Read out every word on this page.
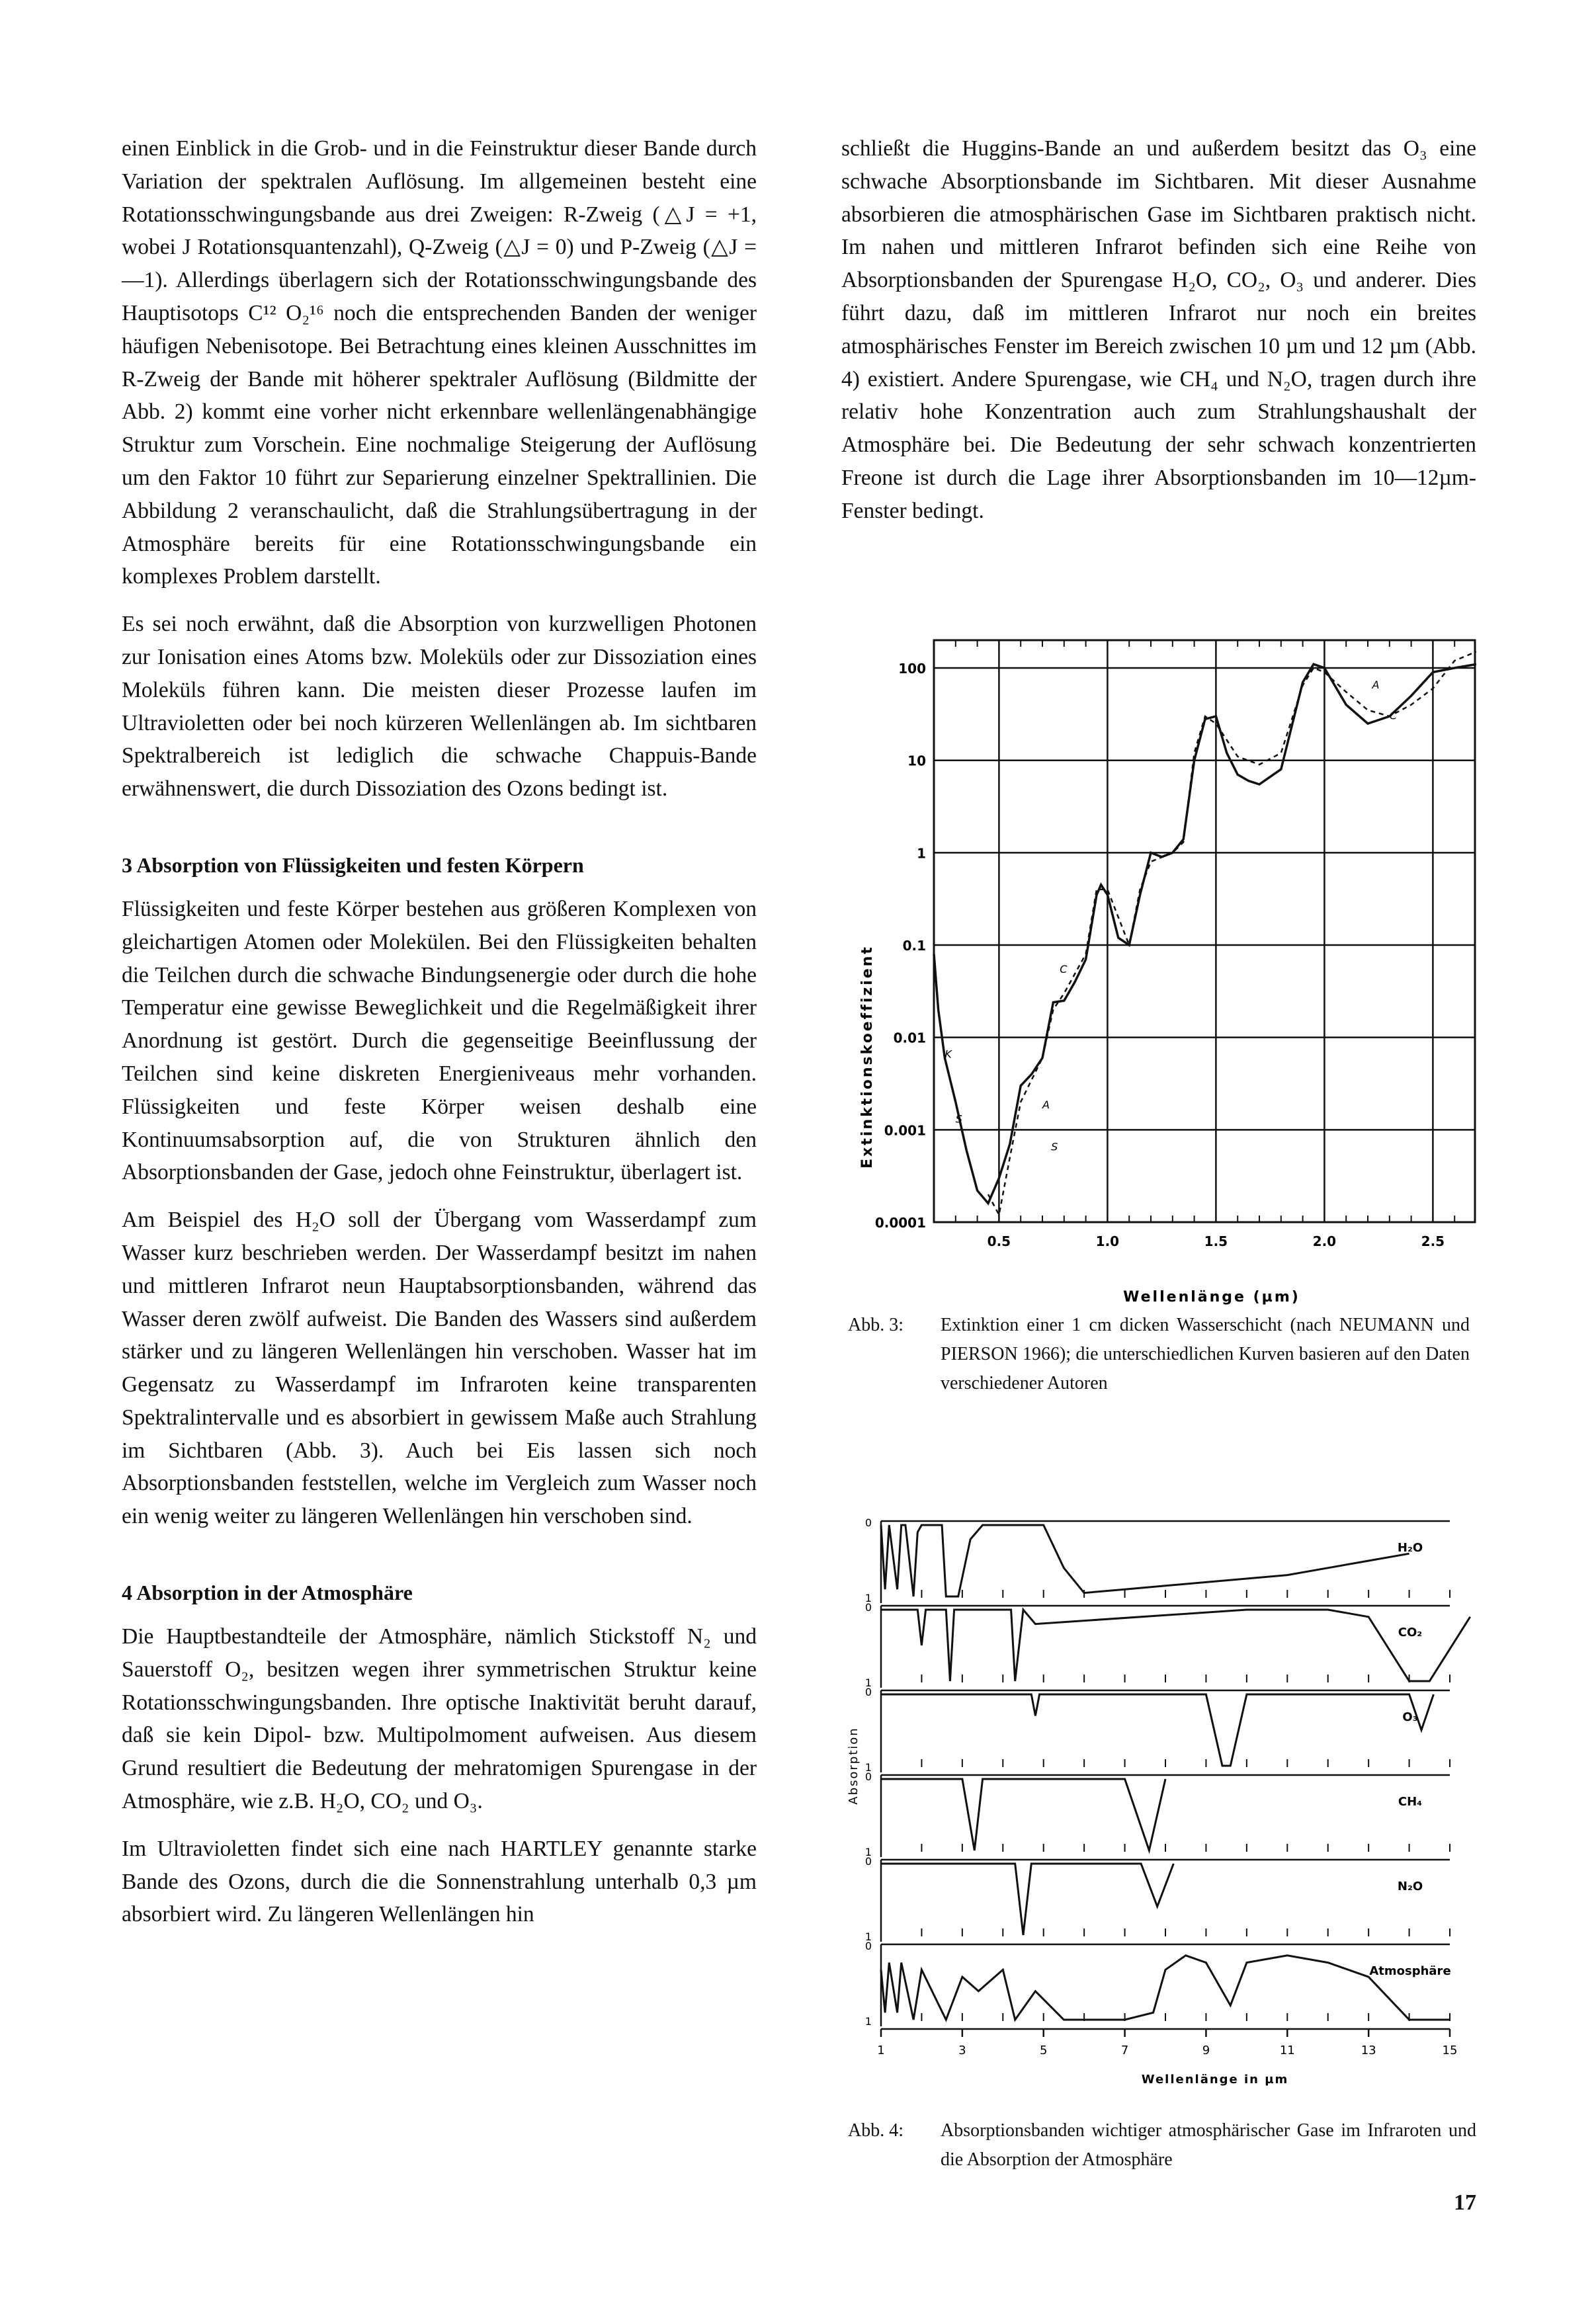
einen Einblick in die Grob- und in die Feinstruktur dieser Bande durch Variation der spektralen Auflösung. Im allgemeinen besteht eine Rotationsschwingungsbande aus drei Zweigen: R-Zweig (△J = +1, wobei J Rotationsquantenzahl), Q-Zweig (△J = 0) und P-Zweig (△J = —1). Allerdings überlagern sich der Rotationsschwingungsbande des Hauptisotops C¹² O₂¹⁶ noch die entsprechenden Banden der weniger häufigen Nebenisotope. Bei Betrachtung eines kleinen Ausschnittes im R-Zweig der Bande mit höherer spektraler Auflösung (Bildmitte der Abb. 2) kommt eine vorher nicht erkennbare wellenlängenabhängige Struktur zum Vorschein. Eine nochmalige Steigerung der Auflösung um den Faktor 10 führt zur Separierung einzelner Spektrallinien. Die Abbildung 2 veranschaulicht, daß die Strahlungsübertragung in der Atmosphäre bereits für eine Rotationsschwingungsbande ein komplexes Problem darstellt.

Es sei noch erwähnt, daß die Absorption von kurzwelligen Photonen zur Ionisation eines Atoms bzw. Moleküls oder zur Dissoziation eines Moleküls führen kann. Die meisten dieser Prozesse laufen im Ultravioletten oder bei noch kürzeren Wellenlängen ab. Im sichtbaren Spektralbereich ist lediglich die schwache Chappuis-Bande erwähnenswert, die durch Dissoziation des Ozons bedingt ist.

3 Absorption von Flüssigkeiten und festen Körpern

Flüssigkeiten und feste Körper bestehen aus größeren Komplexen von gleichartigen Atomen oder Molekülen. Bei den Flüssigkeiten behalten die Teilchen durch die schwache Bindungsenergie oder durch die hohe Temperatur eine gewisse Beweglichkeit und die Regelmäßigkeit ihrer Anordnung ist gestört. Durch die gegenseitige Beeinflussung der Teilchen sind keine diskreten Energieniveaus mehr vorhanden. Flüssigkeiten und feste Körper weisen deshalb eine Kontinuumsabsorption auf, die von Strukturen ähnlich den Absorptionsbanden der Gase, jedoch ohne Feinstruktur, überlagert ist.

Am Beispiel des H₂O soll der Übergang vom Wasserdampf zum Wasser kurz beschrieben werden. Der Wasserdampf besitzt im nahen und mittleren Infrarot neun Hauptabsorptionsbanden, während das Wasser deren zwölf aufweist. Die Banden des Wassers sind außerdem stärker und zu längeren Wellenlängen hin verschoben. Wasser hat im Gegensatz zu Wasserdampf im Infraroten keine transparenten Spektralintervalle und es absorbiert in gewissem Maße auch Strahlung im Sichtbaren (Abb. 3). Auch bei Eis lassen sich noch Absorptionsbanden feststellen, welche im Vergleich zum Wasser noch ein wenig weiter zu längeren Wellenlängen hin verschoben sind.

4 Absorption in der Atmosphäre

Die Hauptbestandteile der Atmosphäre, nämlich Stickstoff N₂ und Sauerstoff O₂, besitzen wegen ihrer symmetrischen Struktur keine Rotationsschwingungsbanden. Ihre optische Inaktivität beruht darauf, daß sie kein Dipol- bzw. Multipolmoment aufweisen. Aus diesem Grund resultiert die Bedeutung der mehratomigen Spurengase in der Atmosphäre, wie z.B. H₂O, CO₂ und O₃.

Im Ultravioletten findet sich eine nach HARTLEY genannte starke Bande des Ozons, durch die die Sonnenstrahlung unterhalb 0,3 µm absorbiert wird. Zu längeren Wellenlängen hin

schließt die Huggins-Bande an und außerdem besitzt das O₃ eine schwache Absorptionsbande im Sichtbaren. Mit dieser Ausnahme absorbieren die atmosphärischen Gase im Sichtbaren praktisch nicht. Im nahen und mittleren Infrarot befinden sich eine Reihe von Absorptionsbanden der Spurengase H₂O, CO₂, O₃ und anderer. Dies führt dazu, daß im mittleren Infrarot nur noch ein breites atmosphärisches Fenster im Bereich zwischen 10 µm und 12 µm (Abb. 4) existiert. Andere Spurengase, wie CH₄ und N₂O, tragen durch ihre relativ hohe Konzentration auch zum Strahlungshaushalt der Atmosphäre bei. Die Bedeutung der sehr schwach konzentrierten Freone ist durch die Lage ihrer Absorptionsbanden im 10—12µm-Fenster bedingt.

Extinktionskoeffizient
Wellenlänge (µm)
100
10
1
0.1
0.01
0.001
0.0001
0.5	1.0	1.5	2.0	2.5
A
C
K
S
C
A
S
Abb. 3: Extinktion einer 1 cm dicken Wasserschicht (nach NEUMANN und PIERSON 1966); die unterschiedlichen Kurven basieren auf den Daten verschiedener Autoren
Absorption
Wellenlänge in µm
0
1
H₂O
0
1
CO₂
0
1
O₃
0
1
CH₄
0
1
N₂O
0
1
Atmosphäre
1	3	5	7	9	11	13	15
Abb. 4: Absorptionsbanden wichtiger atmosphärischer Gase im Infraroten und die Absorption der Atmosphäre
17
